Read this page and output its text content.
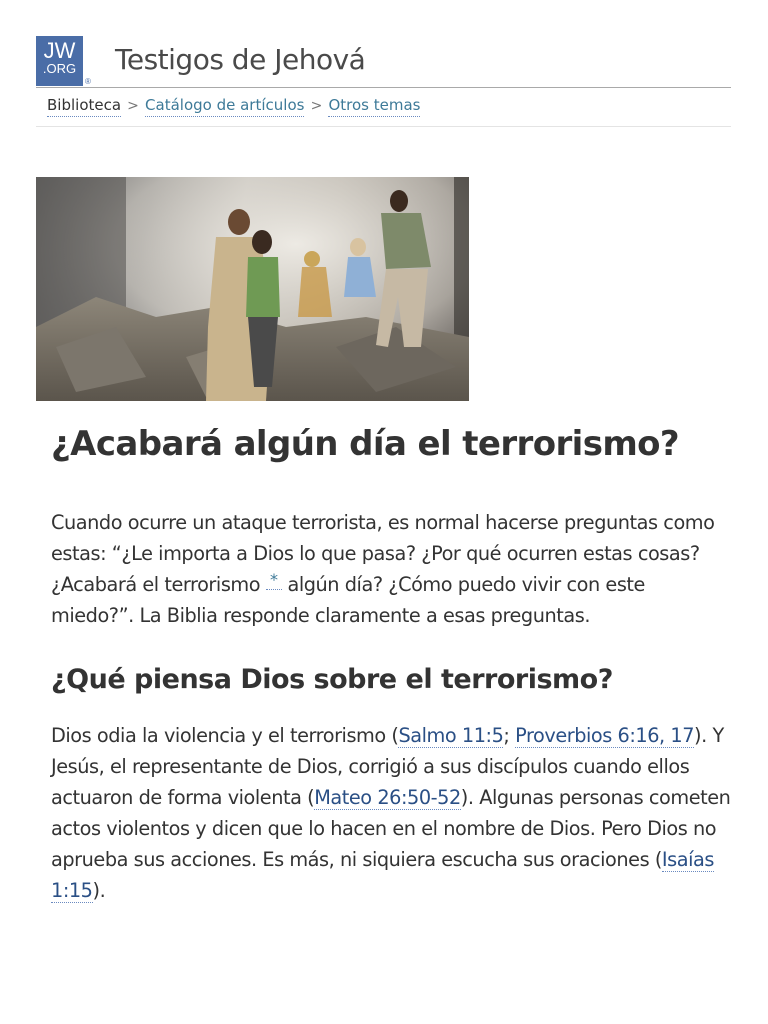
JW
.ORG
®
Testigos de Jehová
Biblioteca > Catálogo de artículos > Otros temas
¿Acabará algún día el terrorismo?

Cuando ocurre un ataque terrorista, es normal hacerse preguntas como estas: “¿Le importa a Dios lo que pasa? ¿Por qué ocurren estas cosas? ¿Acabará el terrorismo * algún día? ¿Cómo puedo vivir con este miedo?”. La Biblia responde claramente a esas preguntas.

¿Qué piensa Dios sobre el terrorismo?

Dios odia la violencia y el terrorismo (Salmo 11:5; Proverbios 6:16, 17). Y Jesús, el representante de Dios, corrigió a sus discípulos cuando ellos actuaron de forma violenta (Mateo 26:50-52). Algunas personas cometen actos violentos y dicen que lo hacen en el nombre de Dios. Pero Dios no aprueba sus acciones. Es más, ni siquiera escucha sus oraciones (Isaías 1:15).
